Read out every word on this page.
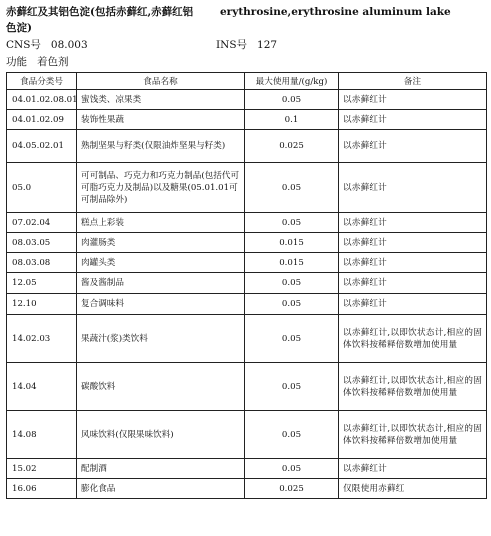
赤藓红及其铝色淀(包括赤藓红,赤藓红铝	erythrosine,erythrosine aluminum lake
色淀)
CNS号 08.003	INS号 127
功能 着色剂
食品分类号	食品名称	最大使用量/(g/kg)	备注
04.01.02.08.01	蜜饯类、凉果类	0.05	以赤藓红计
04.01.02.09	装饰性果蔬	0.1	以赤藓红计
04.05.02.01	熟制坚果与籽类(仅限油炸坚果与籽类)	0.025	以赤藓红计
05.0	可可制品、巧克力和巧克力制品(包括代可可脂巧克力及制品)以及糖果(05.01.01可可制品除外)	0.05	以赤藓红计
07.02.04	糕点上彩装	0.05	以赤藓红计
08.03.05	肉灌肠类	0.015	以赤藓红计
08.03.08	肉罐头类	0.015	以赤藓红计
12.05	酱及酱制品	0.05	以赤藓红计
12.10	复合调味料	0.05	以赤藓红计
14.02.03	果蔬汁(浆)类饮料	0.05	以赤藓红计,以即饮状态计,相应的固体饮料按稀释倍数增加使用量
14.04	碳酸饮料	0.05	以赤藓红计,以即饮状态计,相应的固体饮料按稀释倍数增加使用量
14.08	风味饮料(仅限果味饮料)	0.05	以赤藓红计,以即饮状态计,相应的固体饮料按稀释倍数增加使用量
15.02	配制酒	0.05	以赤藓红计
16.06	膨化食品	0.025	仅限使用赤藓红
